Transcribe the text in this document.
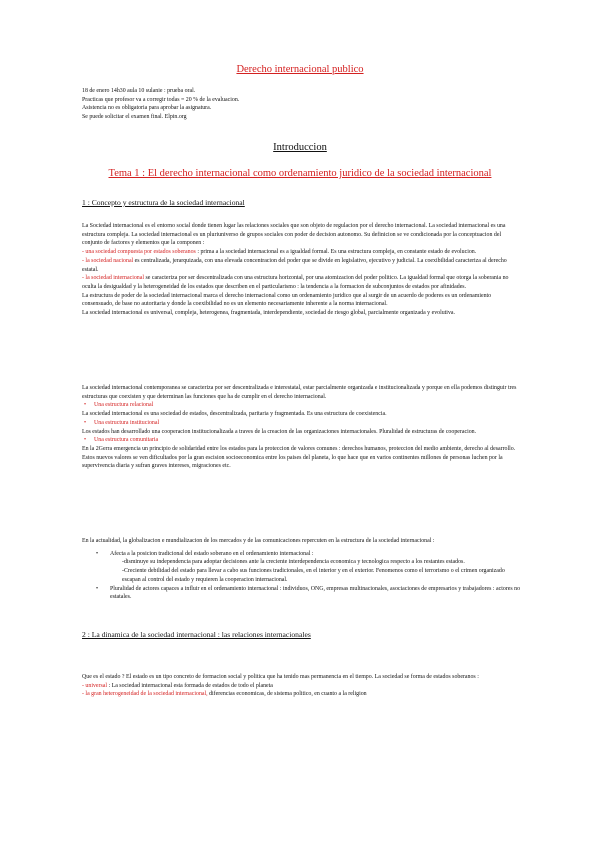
Derecho internacional publico
18 de enero 14h30 aula 10 sulanie : prueba oral.
Practicas que profesor va a corregir todas = 20 % de la evaluacion.
Asistencia no es obligatoria para aprobar la asignatura.
Se puede solicitar el examen final. Elpin.org
Introduccion
Tema 1 : El derecho internacional como ordenamiento juridico de la sociedad internacional
1 : Concepto y estructura de la sociedad internacional

La Sociedad internacional es el entorno social donde tienen lugar las relaciones sociales que son objeto de regulacion por el derecho internacional. La sociedad internacional es una estructura compleja. La sociedad internacional es un pluriuniverso de grupos sociales con poder de decision autonomo. Su definicion se ve condicionada por la conceptuacion del conjunto de factores y elementos que la componen :

- una sociedad compuesta por estados soberanos : prima a la sociedad internacional es a igualdad formal. Es una estructura compleja, en constante estado de evolucion.

- la sociedad nacional es centralizada, jerarquizada, con una elevada concentracion del poder que se divide en legislativo, ejecutivo y judicial. La coexibilidad caracteriza al derecho estatal.

- la sociedad internacional se caracteriza por ser descentralizada con una estructura horizontal, por una atomizacion del poder politico. La igualdad formal que otorga la soberania no oculta la desigualdad y la heterogeneidad de los estados que describen en el particularismo : la tendencia a la formacion de subconjuntos de estados por afinidades.

La estructura de poder de la sociedad internacional marca el derecho internacional como un ordenamiento juridico que al surgir de un acuerdo de poderes es un ordenamiento consensuado, de base no autoritaria y donde la coexibilidad no es un elemento necesariamente inherente a la norma internacional.

La sociedad internacional es universal, compleja, heterogenea, fragmentada, interdependiente, sociedad de riesgo global, parcialmente organizada y evolutiva.

La sociedad internacional contemporanea se caracteriza por ser descentralizada e interestatal, estar parcialmente organizada e institucionalizada y porque en ella podemos distinguir tres estructuras que coexisten y que determinan las funciones que ha de cumplir en el derecho internacional.

• Una estructura relacional

La sociedad internacional es una sociedad de estados, descentralizada, paritaria y fragmentada. Es una estructura de coexistencia.

• Una estructura institucional

Los estados han desarrollado una cooperacion institucionalizada a traves de la creacion de las organizaciones internacionales. Pluralidad de estructuras de cooperacion.

• Una estructura comunitaria

En la 2Gerra emergencia un principio de solidaridad entre los estados para la proteccion de valores comunes : derechos humanos, proteccion del medio ambiente, derecho al desarrollo. Estos nuevos valores se ven dificultados por la gran escision socioeconomica entre los paises del planeta, lo que hace que en varios continentes millones de personas luchen por la supervivencia diaria y sufran graves intereses, migraciones etc.

En la actualidad, la globalizacion e mundializacion de los mercados y de las comunicaciones repercuten en la estructura de la sociedad internacional :

•	Afecta a la posicion tradicional del estado soberano en el ordenamiento internacional :

-disminuye su independencia para adoptar decisiones ante la creciente interdependencia economica y tecnologica respecto a los restantes estados.

-Creciente debilidad del estado para llevar a cabo sus funciones tradicionales, en el interior y en el exterior. Fenomenos como el terrorismo o el crimen organizado escapan al control del estado y requieren la cooperacion internacional.

•	Pluralidad de actores capaces a influir en el ordenamiento internacional : individuos, ONG, empresas multinacionales, asociaciones de empresarios y trabajadores : actores no estatales.
2 : La dinamica de la sociedad internacional : las relaciones internacionales

Que es el estado ? El estado es un tipo concreto de formacion social y politica que ha tenido mas permanencia en el tiempo. La sociedad se forma de estados soberanos :

- universal : La sociedad internacional esta formada de estados de todo el planeta

- la gran heterogeneidad de la sociedad internacional, diferencias economicas, de sistema politico, en cuanto a la religion
